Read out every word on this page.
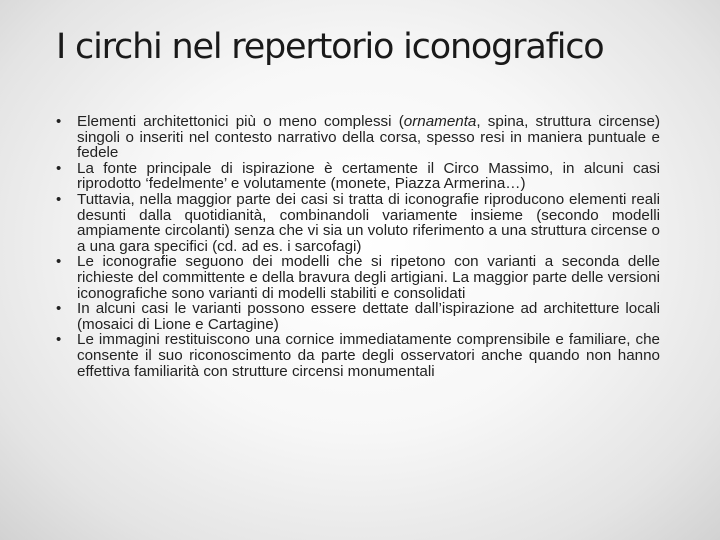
I circhi nel repertorio iconografico
• Elementi architettonici più o meno complessi (ornamenta, spina, struttura circense) singoli o inseriti nel contesto narrativo della corsa, spesso resi in maniera puntuale e fedele
• La fonte principale di ispirazione è certamente il Circo Massimo, in alcuni casi riprodotto ‘fedelmente’ e volutamente (monete, Piazza Armerina…)
• Tuttavia, nella maggior parte dei casi si tratta di iconografie riproducono elementi reali desunti dalla quotidianità, combinandoli variamente insieme (secondo modelli ampiamente circolanti) senza che vi sia un voluto riferimento a una struttura circense o a una gara specifici (cd. ad es. i sarcofagi)
• Le iconografie seguono dei modelli che si ripetono con varianti a seconda delle richieste del committente e della bravura degli artigiani. La maggior parte delle versioni iconografiche sono varianti di modelli stabiliti e consolidati
• In alcuni casi le varianti possono essere dettate dall’ispirazione ad architetture locali (mosaici di Lione e Cartagine)
• Le immagini restituiscono una cornice immediatamente comprensibile e familiare, che consente il suo riconoscimento da parte degli osservatori anche quando non hanno effettiva familiarità con strutture circensi monumentali
